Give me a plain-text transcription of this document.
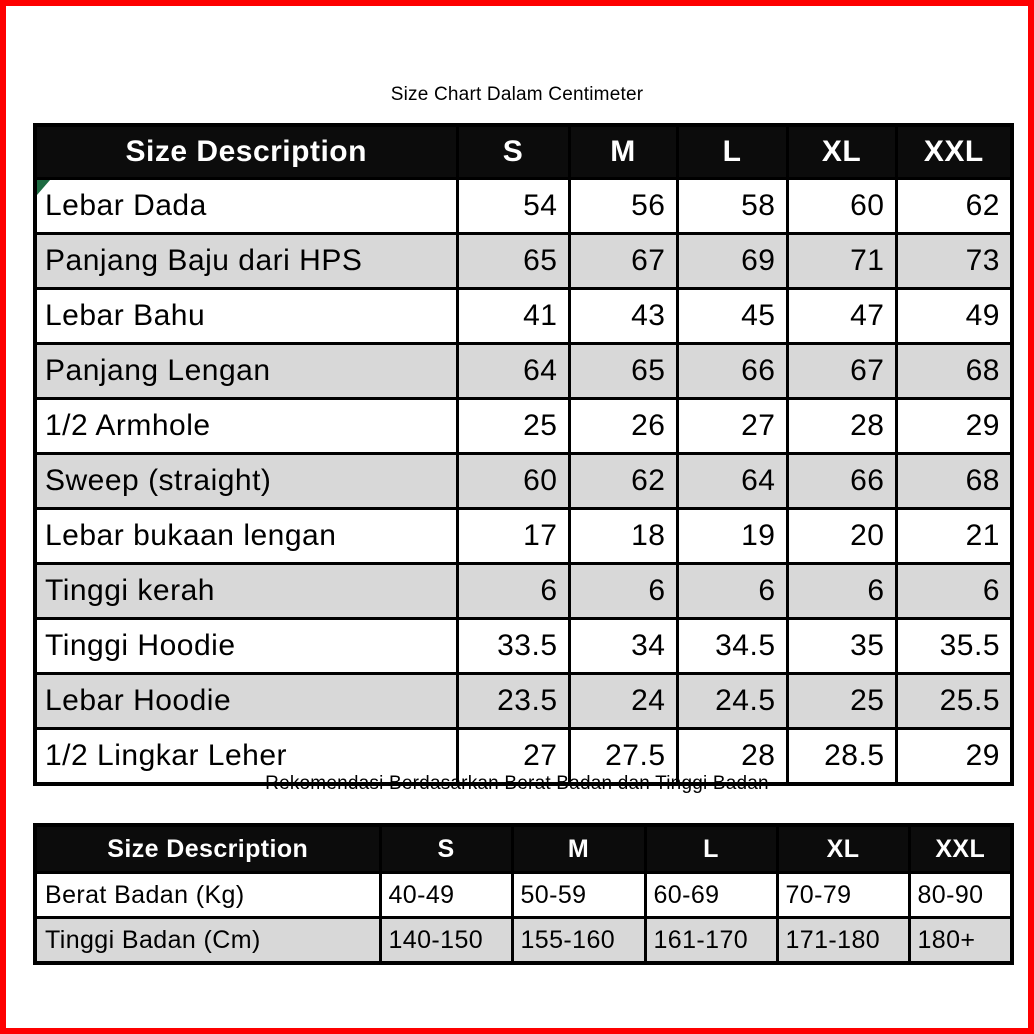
Size Chart Dalam Centimeter
Size Description	S	M	L	XL	XXL
Lebar Dada	54	56	58	60	62
Panjang Baju dari HPS	65	67	69	71	73
Lebar Bahu	41	43	45	47	49
Panjang Lengan	64	65	66	67	68
1/2 Armhole	25	26	27	28	29
Sweep (straight)	60	62	64	66	68
Lebar bukaan lengan	17	18	19	20	21
Tinggi kerah	6	6	6	6	6
Tinggi Hoodie	33.5	34	34.5	35	35.5
Lebar Hoodie	23.5	24	24.5	25	25.5
1/2 Lingkar Leher	27	27.5	28	28.5	29
Rekomendasi Berdasarkan Berat Badan dan Tinggi Badan
Size Description	S	M	L	XL	XXL
Berat Badan (Kg)	40-49	50-59	60-69	70-79	80-90
Tinggi Badan (Cm)	140-150	155-160	161-170	171-180	180+
